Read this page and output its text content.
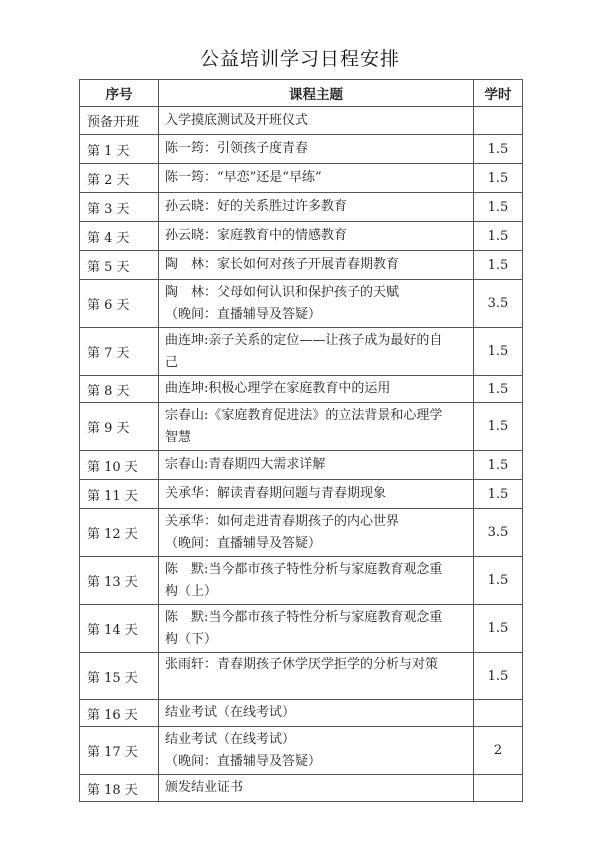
公益培训学习日程安排
序号	课程主题	学时
预备开班	入学摸底测试及开班仪式	

第 1 天	陈一筠：引领孩子度青春	1.5

第 2 天	陈一筠：“早恋”还是“早练”	1.5

第 3 天	孙云晓：好的关系胜过许多教育	1.5

第 4 天	孙云晓：家庭教育中的情感教育	1.5

第 5 天	陶　林：家长如何对孩子开展青春期教育	1.5

第 6 天	陶　林：父母如何认识和保护孩子的天赋
（晚间：直播辅导及答疑）	3.5

第 7 天	曲连坤:亲子关系的定位——让孩子成为最好的自
己	1.5

第 8 天	曲连坤:积极心理学在家庭教育中的运用	1.5

第 9 天	宗春山:《家庭教育促进法》的立法背景和心理学
智慧	1.5

第 10 天	宗春山:青春期四大需求详解	1.5

第 11 天	关承华：解读青春期问题与青春期现象	1.5

第 12 天	关承华：如何走进青春期孩子的内心世界
（晚间：直播辅导及答疑）	3.5

第 13 天	陈　默:当今都市孩子特性分析与家庭教育观念重
构（上）	1.5

第 14 天	陈　默:当今都市孩子特性分析与家庭教育观念重
构（下）	1.5

第 15 天	张雨轩：青春期孩子休学厌学拒学的分析与对策	1.5

第 16 天	结业考试（在线考试）	

第 17 天	结业考试（在线考试）
（晚间：直播辅导及答疑）	2

第 18 天	颁发结业证书	
